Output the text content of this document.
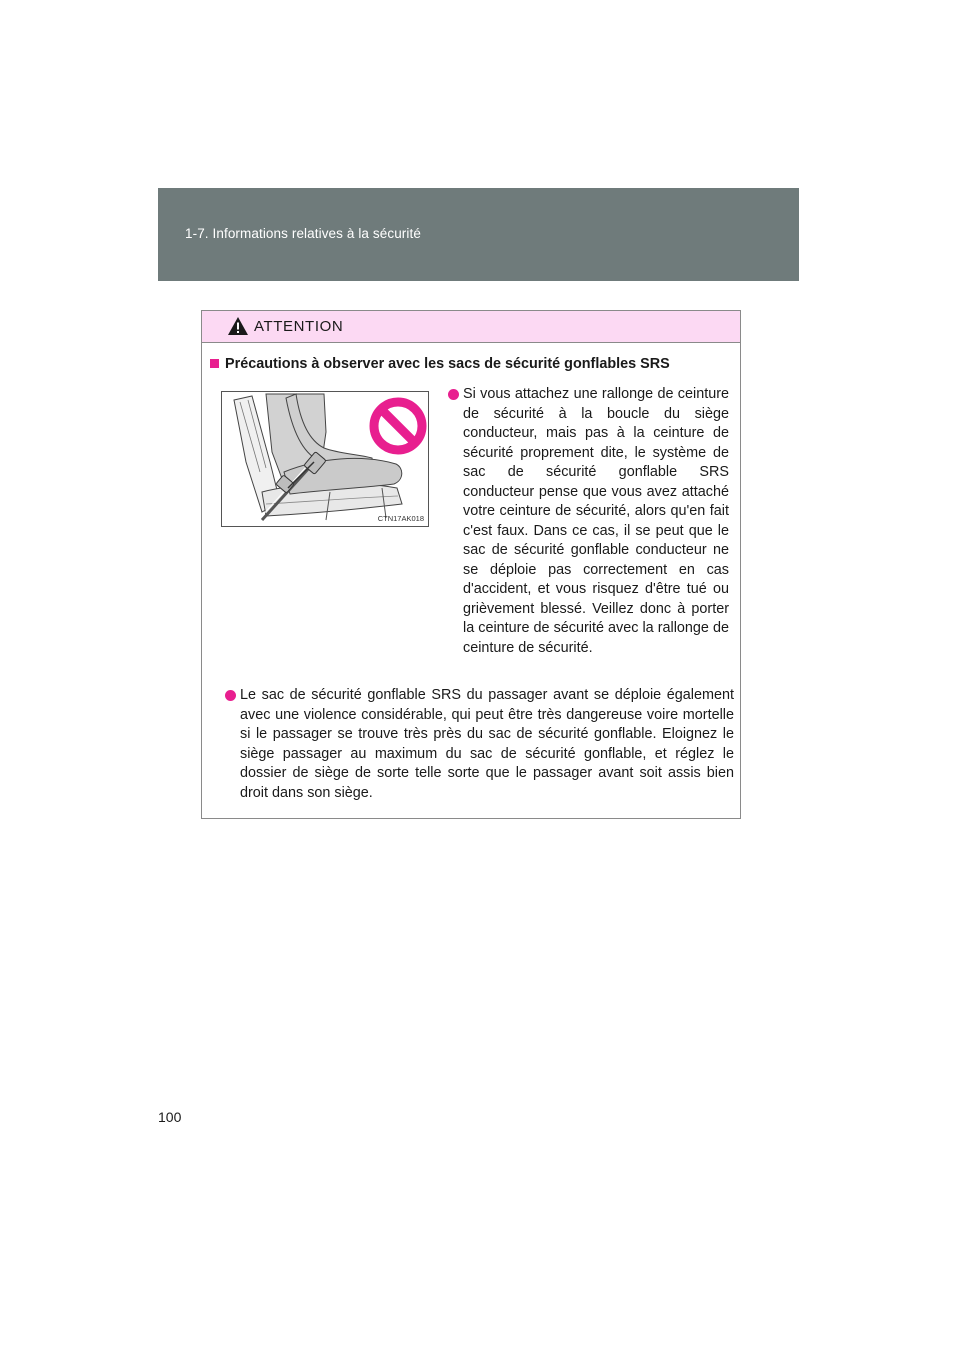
1-7. Informations relatives à la sécurité
ATTENTION
Précautions à observer avec les sacs de sécurité gonflables SRS
CTN17AK018
Si vous attachez une rallonge de ceinture de sécurité à la boucle du siège conducteur, mais pas à la ceinture de sécurité proprement dite, le système de sac de sécurité gonflable SRS conducteur pense que vous avez attaché votre ceinture de sécurité, alors qu'en fait c'est faux. Dans ce cas, il se peut que le sac de sécurité gonflable conducteur ne se déploie pas correctement en cas d'accident, et vous risquez d'être tué ou grièvement blessé. Veillez donc à porter la ceinture de sécurité avec la rallonge de ceinture de sécurité.
Le sac de sécurité gonflable SRS du passager avant se déploie également avec une violence considérable, qui peut être très dangereuse voire mortelle si le passager se trouve très près du sac de sécurité gonflable. Eloignez le siège passager au maximum du sac de sécurité gonflable, et réglez le dossier de siège de sorte telle sorte que le passager avant soit assis bien droit dans son siège.
100
